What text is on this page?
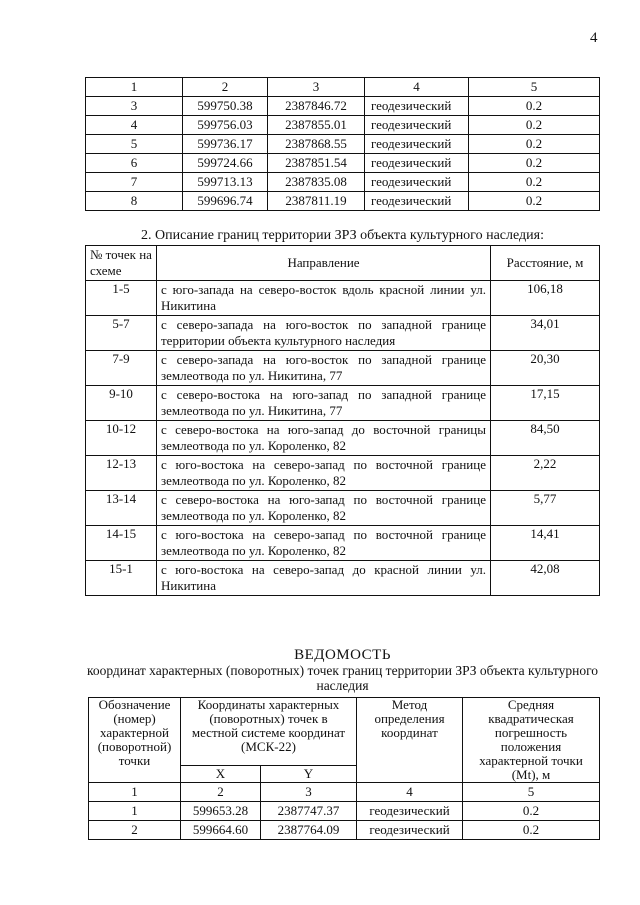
4
1	2	3	4	5
3	599750.38	2387846.72	геодезический	0.2
4	599756.03	2387855.01	геодезический	0.2
5	599736.17	2387868.55	геодезический	0.2
6	599724.66	2387851.54	геодезический	0.2
7	599713.13	2387835.08	геодезический	0.2
8	599696.74	2387811.19	геодезический	0.2
2. Описание границ территории ЗРЗ объекта культурного наследия:
№ точек на схеме	Направление	Расстояние, м
1-5	с юго-запада на северо-восток вдоль красной линии ул. Никитина	106,18
5-7	с северо-запада на юго-восток по западной границе территории объекта культурного наследия	34,01
7-9	с северо-запада на юго-восток по западной границе землеотвода по ул. Никитина, 77	20,30
9-10	с северо-востока на юго-запад по западной границе землеотвода по ул. Никитина, 77	17,15
10-12	с северо-востока на юго-запад до восточной границы землеотвода по ул. Короленко, 82	84,50
12-13	с юго-востока на северо-запад по восточной границе землеотвода по ул. Короленко, 82	2,22
13-14	с северо-востока на юго-запад по восточной границе землеотвода по ул. Короленко, 82	5,77
14-15	с юго-востока на северо-запад по восточной границе землеотвода по ул. Короленко, 82	14,41
15-1	с юго-востока на северо-запад до красной линии ул. Никитина	42,08
ВЕДОМОСТЬ
координат характерных (поворотных) точек границ территории ЗРЗ объекта культурного наследия
Обозначение (номер) характерной (поворотной) точки	Координаты характерных (поворотных) точек в местной системе координат (МСК-22)		Метод определения координат	Средняя квадратическая погрешность положения характерной точки (Mt), м
	X	Y		
1	2	3	4	5
1	599653.28	2387747.37	геодезический	0.2
2	599664.60	2387764.09	геодезический	0.2
